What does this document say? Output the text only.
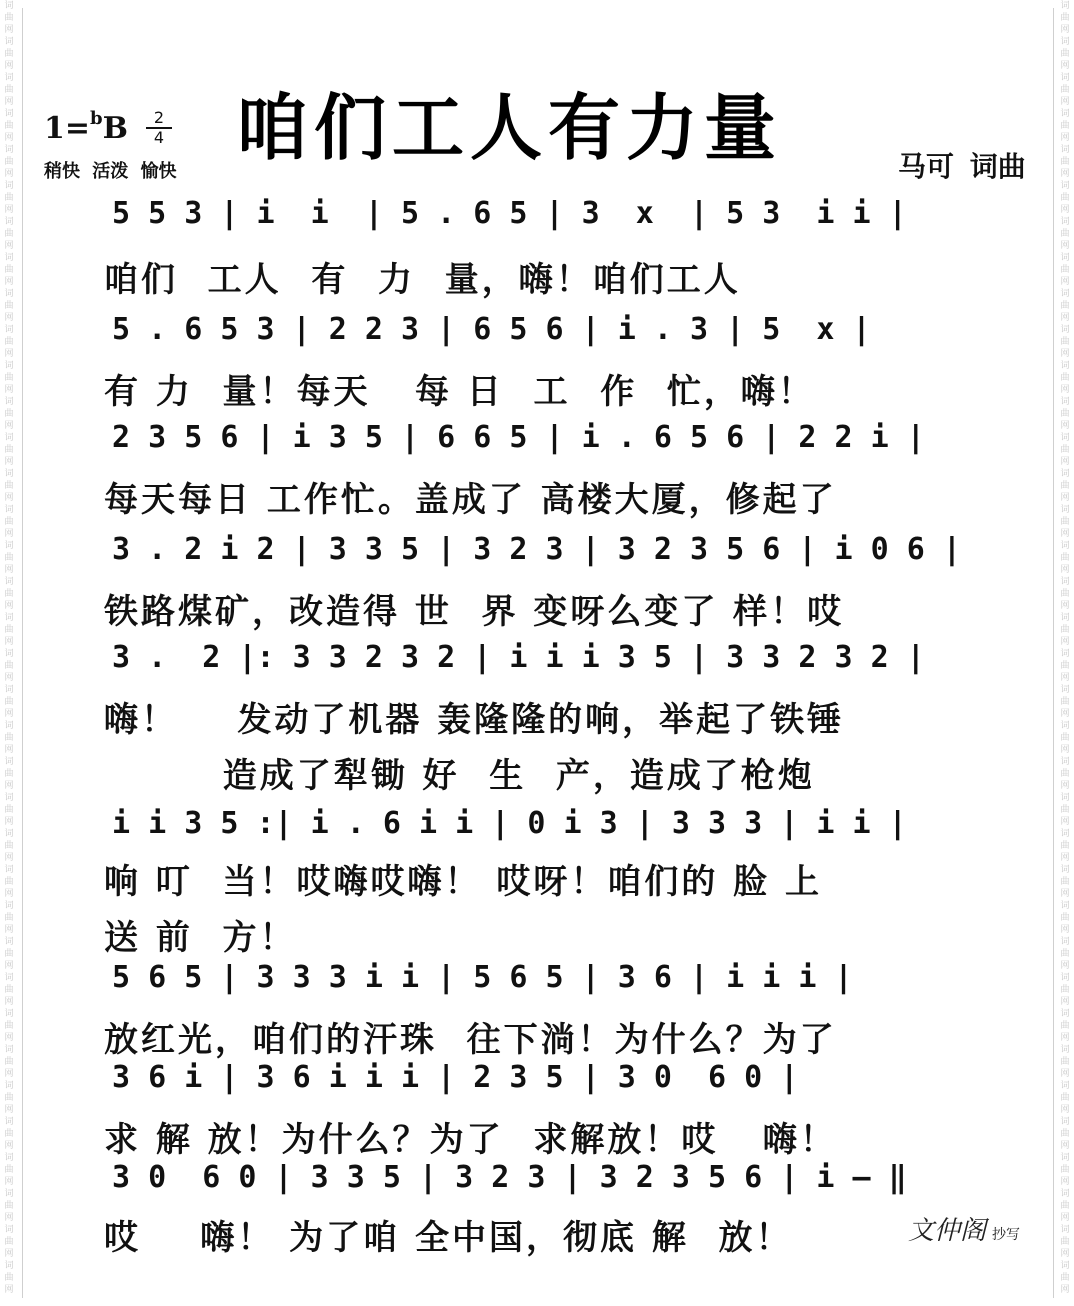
词
曲
网
词
曲
网
词
曲
网
词
曲
网
词
曲
网
词
曲
网
词
曲
网
词
曲
网
词
曲
网
词
曲
网
词
曲
网
词
曲
网
词
曲
网
词
曲
网
词
曲
网
词
曲
网
词
曲
网
词
曲
网
词
曲
网
词
曲
网
词
曲
网
词
曲
网
词
曲
网
词
曲
网
词
曲
网
词
曲
网
词
曲
网
词
曲
网
词
曲
网
词
曲
网
词
曲
网
词
曲
网
词
曲
网
词
曲
网
词
曲
网
词
曲
网
词
曲
网
词
曲
网
词
曲
网
词
曲
网
词
曲
网
词
曲
网
词
曲
网
词
曲
网
词
曲
网
词
曲
网
词
曲
网
词
曲
网
词
曲
网
词
曲
网
词
曲
网
词
曲
网
词
曲
网
词
曲
网
词
曲
网
词
曲
网
词
曲
网
词
曲
网
词
曲
网
词
曲
网
词
曲
网
词
曲
网
词
曲
网
词
曲
网
词
曲
网
词
曲
网
词
曲
网
词
曲
网
词
曲
网
词
曲
网
词
曲
网
词
曲
网
1=$^b$B	2
4 咱们工人有力量
稍快 活泼 愉快	马可 词曲
5 5 3 | i  i  | 5 . 6 5 | 3  x  | 5 3  i i |
咱们  工人  有  力  量，嗨！咱们工人
5 . 6 5 3 | 2 2 3 | 6 5 6 | i . 3 | 5  x |
有 力  量！每天   每 日  工  作  忙，嗨！
2 3 5 6 | i 3 5 | 6 6 5 | i . 6 5 6 | 2 2 i |
每天每日 工作忙。盖成了 高楼大厦，修起了
3 . 2 i 2 | 3 3 5 | 3 2 3 | 3 2 3 5 6 | i 0 6 |
铁路煤矿，改造得 世  界 变呀么变了 样！哎
3 .  2 |: 3 3 2 3 2 | i i i 3 5 | 3 3 2 3 2 |
嗨！    发动了机器 轰隆隆的响，举起了铁锤
造成了犁锄 好  生  产，造成了枪炮
i i 3 5 :| i . 6 i i | 0 i 3 | 3 3 3 | i i |
响 叮  当！哎嗨哎嗨！ 哎呀！咱们的 脸 上
送 前  方！
5 6 5 | 3 3 3 i i | 5 6 5 | 3 6 | i i i |
放红光，咱们的汗珠  往下淌！为什么？为了
3 6 i | 3 6 i i i | 2 3 5 | 3 0  6 0 |
求 解 放！为什么？为了  求解放！哎   嗨！
3 0  6 0 | 3 3 5 | 3 2 3 | 3 2 3 5 6 | i — ‖
哎    嗨！ 为了咱 全中国，彻底 解  放！	文仲阁 抄写
